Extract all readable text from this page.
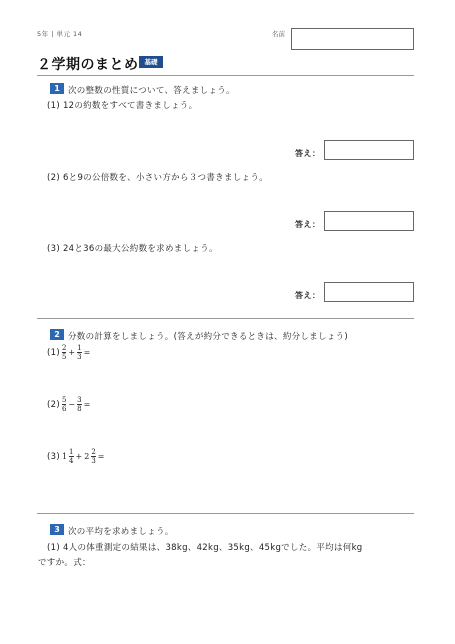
5年 | 単元 14	名前
２学期のまとめ 基礎
1 次の整数の性質について、答えましょう。
(1) 12の約数をすべて書きましょう。
答え：
(2) 6と9の公倍数を、小さい方から３つ書きましょう。
答え：
(3) 24と36の最大公約数を求めましょう。
答え：
2 分数の計算をしましょう。(答えが約分できるときは、約分しましょう)
$(1) \frac{2}{5} + \frac{1}{3}$ =
$(2) \frac{5}{6} - \frac{3}{8}$ =
(3) $1 \frac{1}{4} + 2 \frac{2}{3}$ =
3 次の平均を求めましょう。
(1) 4人の体重測定の結果は、38kg、42kg、35kg、45kgでした。平均は何kg
ですか。式：
